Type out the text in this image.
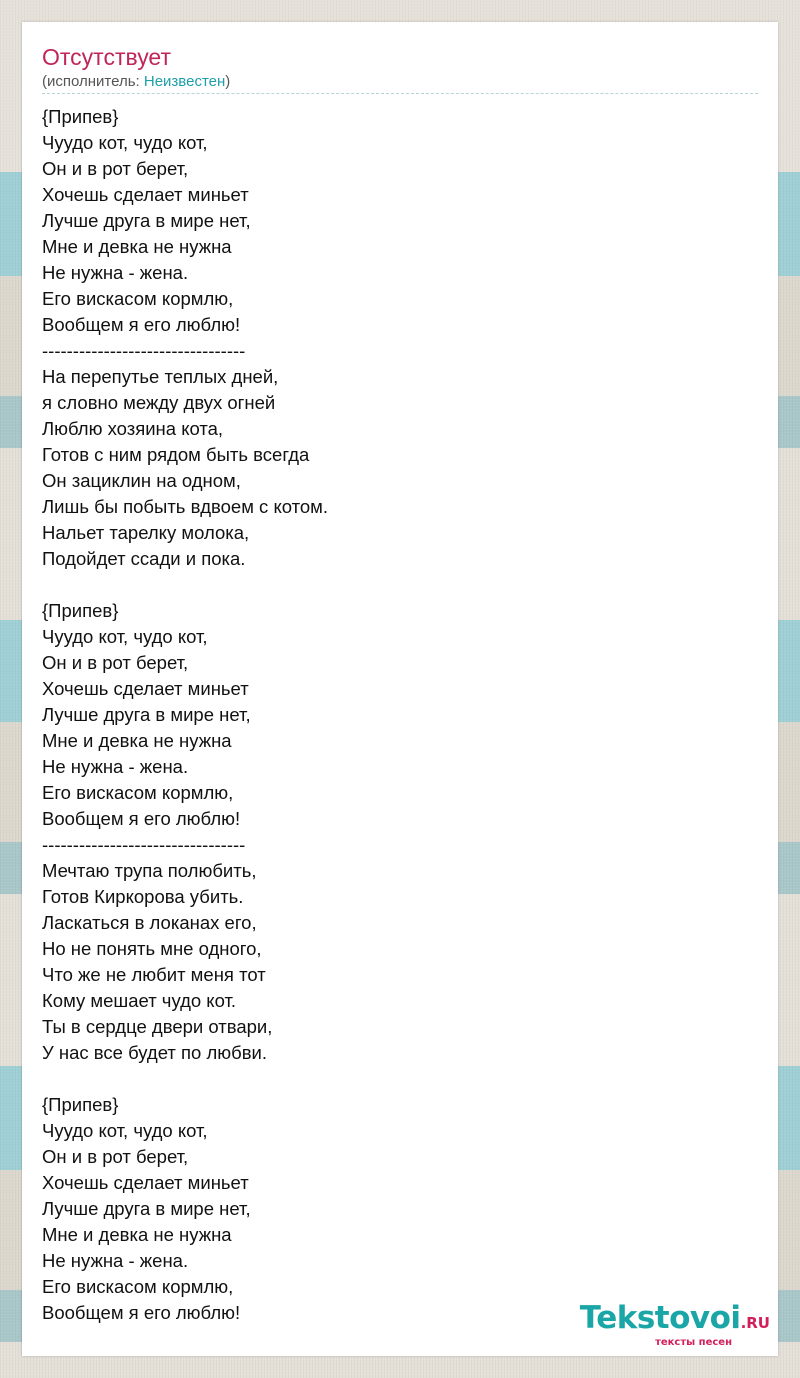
Отсутствует
(исполнитель: Неизвестен)
{Припев}
Чуудо кот, чудо кот,
Он и в рот берет,
Хочешь сделает миньет
Лучше друга в мире нет,
Мне и девка не нужна
Не нужна - жена.
Его вискасом кормлю,
Вообщем я его люблю!
---------------------------------
На перепутье теплых дней,
я словно между двух огней
Люблю хозяина кота,
Готов с ним рядом быть всегда
Он зациклин на одном,
Лишь бы побыть вдвоем с котом.
Нальет тарелку молока,
Подойдет ссади и пока.

{Припев}
Чуудо кот, чудо кот,
Он и в рот берет,
Хочешь сделает миньет
Лучше друга в мире нет,
Мне и девка не нужна
Не нужна - жена.
Его вискасом кормлю,
Вообщем я его люблю!
---------------------------------
Мечтаю трупа полюбить,
Готов Киркорова убить.
Ласкаться в локанах его,
Но не понять мне одного,
Что же не любит меня тот
Кому мешает чудо кот.
Ты в сердце двери отвари,
У нас все будет по любви.

{Припев}
Чуудо кот, чудо кот,
Он и в рот берет,
Хочешь сделает миньет
Лучше друга в мире нет,
Мне и девка не нужна
Не нужна - жена.
Его вискасом кормлю,
Вообщем я его люблю!	Tekstovoi.RU
тексты песен
